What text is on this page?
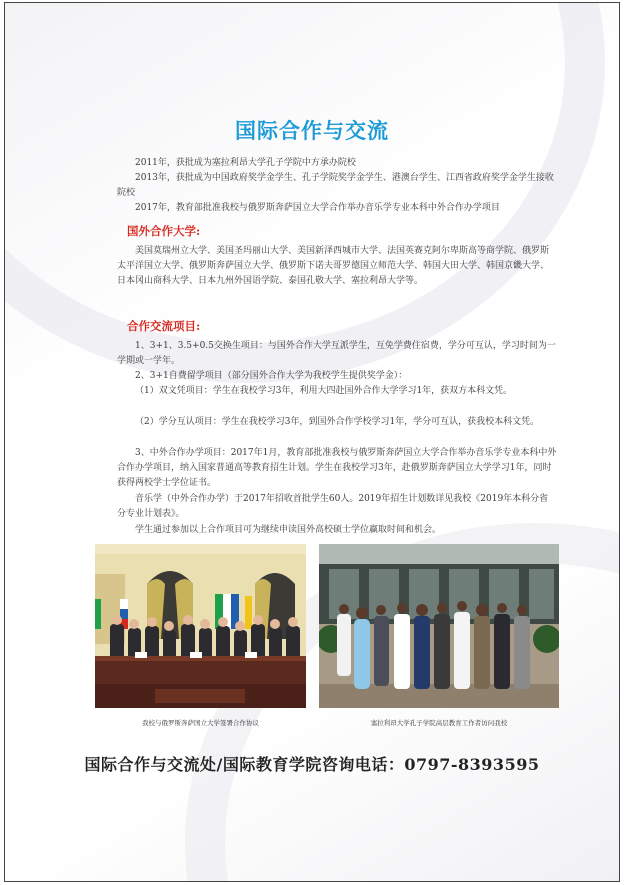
国际合作与交流
2011年，获批成为塞拉利昂大学孔子学院中方承办院校
2013年，获批成为中国政府奖学金学生、孔子学院奖学金学生、港澳台学生、江西省政府奖学金学生接收院校
2017年，教育部批准我校与俄罗斯奔萨国立大学合作举办音乐学专业本科中外合作办学项目
国外合作大学:
美国莫瑞州立大学、美国圣玛丽山大学、美国新泽西城市大学、法国英赛克阿尔卑斯高等商学院、俄罗斯太平洋国立大学、俄罗斯奔萨国立大学、俄罗斯下诺夫哥罗德国立师范大学、韩国大田大学、韩国京畿大学、日本冈山商科大学、日本九州外国语学院、泰国孔敬大学、塞拉利昂大学等。
合作交流项目:
1、3+1、3.5+0.5交换生项目：与国外合作大学互派学生，互免学费住宿费，学分可互认，学习时间为一学期或一学年。
2、3+1自费留学项目（部分国外合作大学为我校学生提供奖学金）：
（1）双文凭项目：学生在我校学习3年，利用大四赴国外合作大学学习1年，获双方本科文凭。
（2）学分互认项目：学生在我校学习3年，到国外合作学校学习1年，学分可互认，获我校本科文凭。
3、中外合作办学项目：2017年1月，教育部批准我校与俄罗斯奔萨国立大学合作举办音乐学专业本科中外合作办学项目，纳入国家普通高等教育招生计划。学生在我校学习3年，赴俄罗斯奔萨国立大学学习1年，同时获得两校学士学位证书。
音乐学（中外合作办学）于2017年招收首批学生60人。2019年招生计划数详见我校《2019年本科分省分专业计划表》。
学生通过参加以上合作项目可为继续申读国外高校硕士学位赢取时间和机会。
我校与俄罗斯奔萨国立大学签署合作协议	塞拉利昂大学孔子学院高层教育工作者访问我校
国际合作与交流处/国际教育学院咨询电话：0797-8393595
